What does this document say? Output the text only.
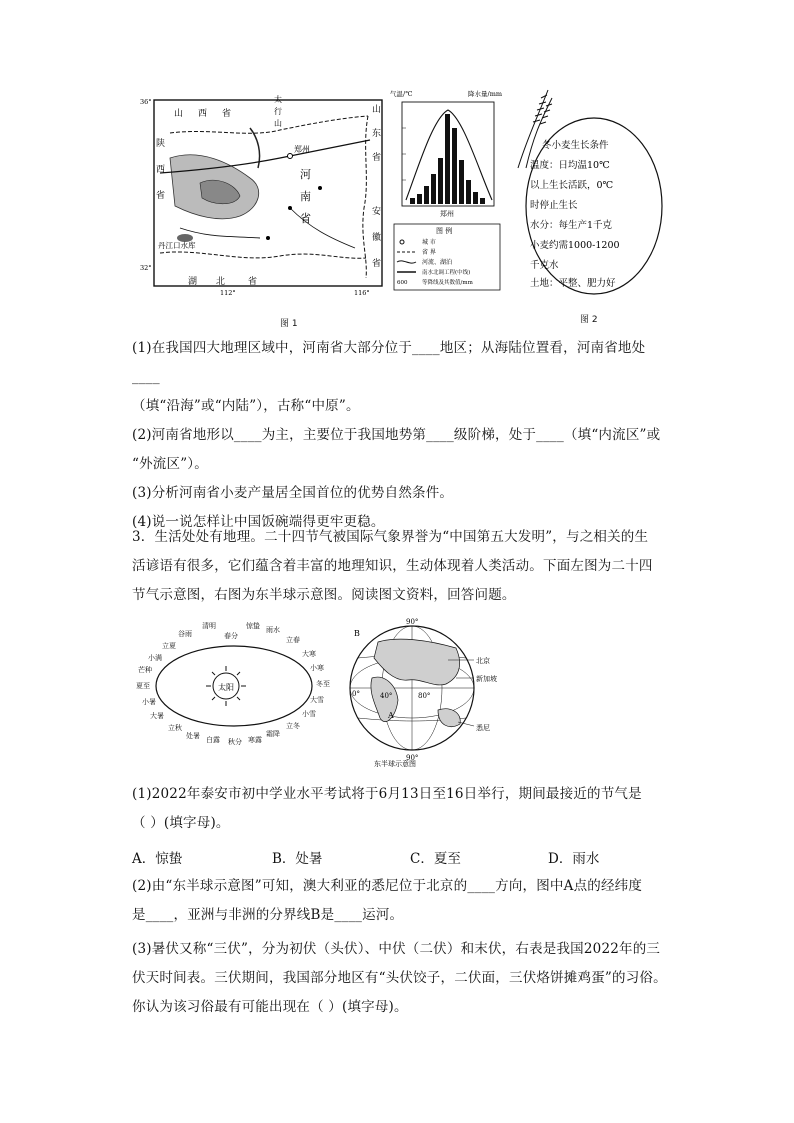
山 西 省	山
东
省
安
徽
省
河
南
省
郑州
丹江口水库
湖 北	省
陕
西
省
太
行
山
36°
32°
112°	116°
图 1
气温/℃	降水量/mm
郑州
图 例
城 市
省 界
河流、湖泊
南水北调工程(中线)
600	等降线及其数值/mm
冬小麦生长条件
温度：日均温10℃
以上生长活跃，0℃
时停止生长
水分：每生产1千克
小麦约需1000-1200
千克水
土地：平整、肥力好
图 2
(1)在我国四大地理区域中，河南省大部分位于____地区；从海陆位置看，河南省地处____
（填“沿海”或“内陆”），古称“中原”。
(2)河南省地形以____为主，主要位于我国地势第____级阶梯，处于____（填“内流区”或
“外流区”）。
(3)分析河南省小麦产量居全国首位的优势自然条件。
(4)说一说怎样让中国饭碗端得更牢更稳。
3．生活处处有地理。二十四节气被国际气象界誉为“中国第五大发明”，与之相关的生
活谚语有很多，它们蕴含着丰富的地理知识，生动体现着人类活动。下面左图为二十四
节气示意图，右图为东半球示意图。阅读图文资料，回答问题。
太阳
春分
清明
谷雨
立夏
小满
芒种
夏至
小暑
大暑
立秋
处暑 白露 秋分 寒露
霜降
立冬
小雪
大雪
冬至
小寒
大寒
立春
雨水
惊蛰	90°
90°
B
A
0°	40°	80°
北京
新加坡
悉尼
东半球示意图
(1)2022年泰安市初中学业水平考试将于6月13日至16日举行，期间最接近的节气是
（ ）(填字母)。
A．惊蛰	B．处暑	C．夏至	D．雨水
(2)由“东半球示意图”可知，澳大利亚的悉尼位于北京的____方向，图中A点的经纬度
是____，亚洲与非洲的分界线B是____运河。
(3)暑伏又称“三伏”，分为初伏（头伏）、中伏（二伏）和末伏，右表是我国2022年的三
伏天时间表。三伏期间，我国部分地区有“头伏饺子，二伏面，三伏烙饼摊鸡蛋”的习俗。
你认为该习俗最有可能出现在（ ）(填字母)。
